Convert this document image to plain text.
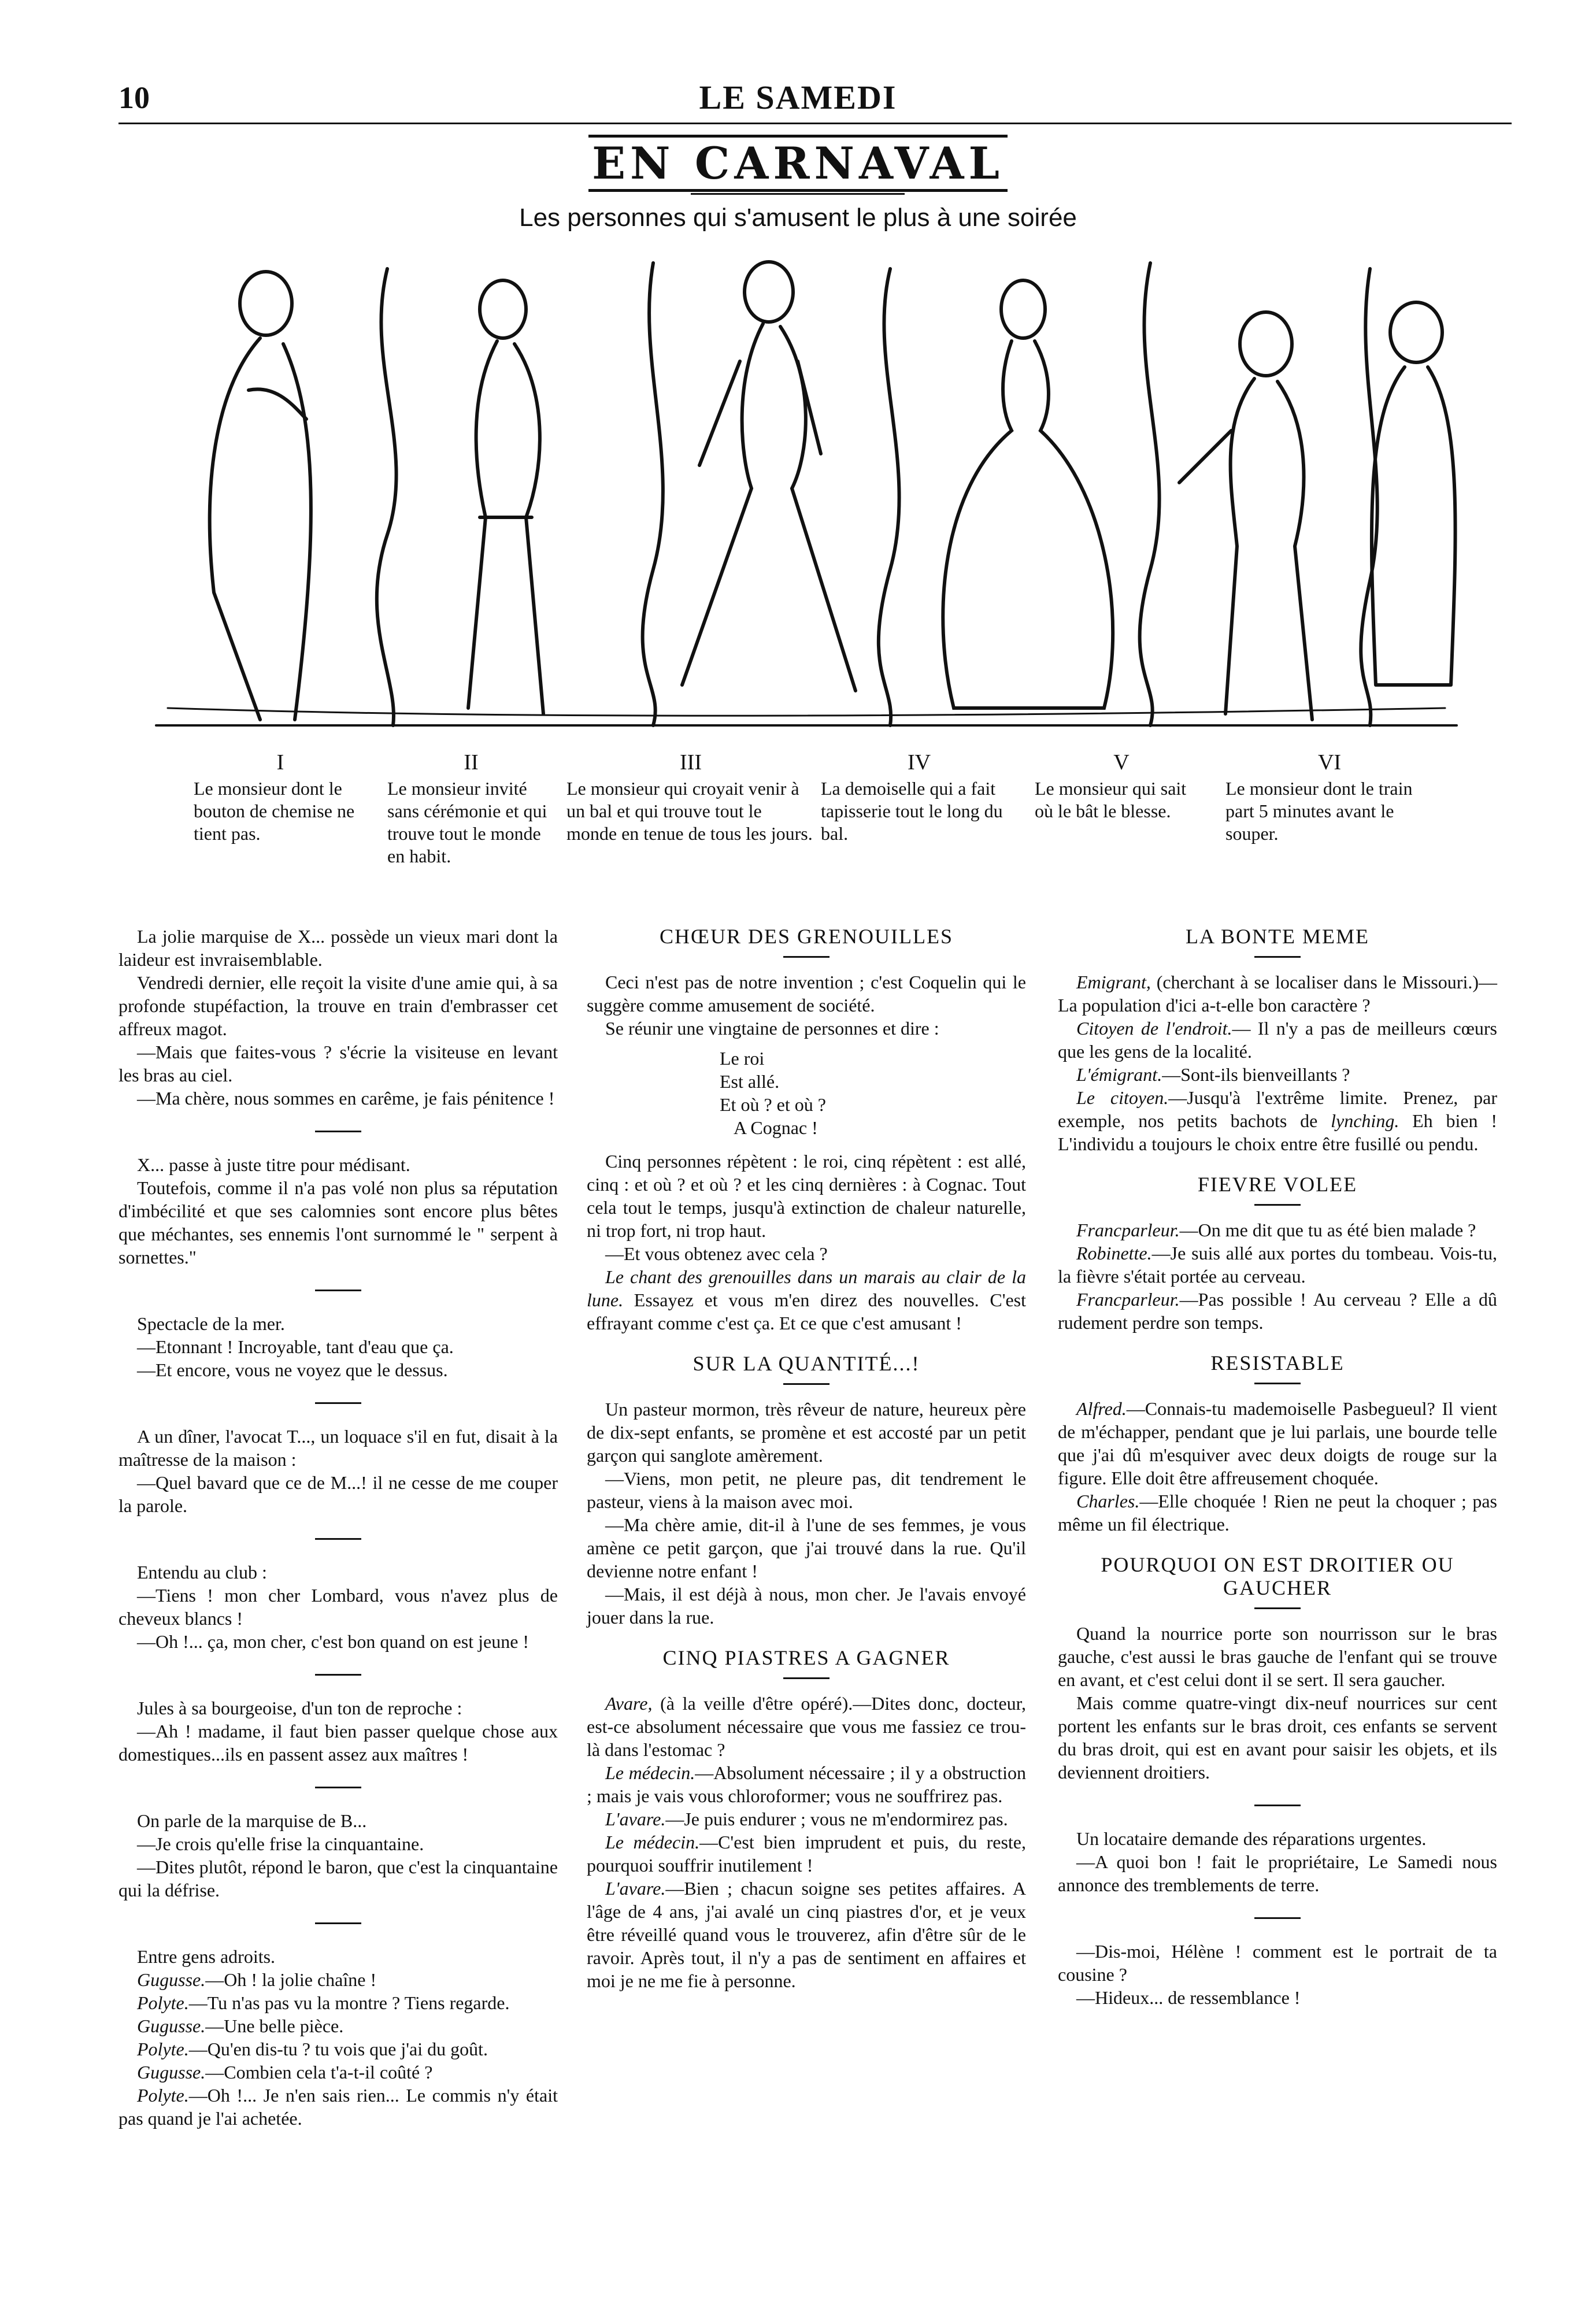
10	LE SAMEDI
EN CARNAVAL
Les personnes qui s'amusent le plus à une soirée
I
Le monsieur dont le bouton de chemise ne tient pas.
II
Le monsieur invité sans cérémonie et qui trouve tout le monde en habit.
III
Le monsieur qui croyait venir à un bal et qui trouve tout le monde en tenue de tous les jours.
IV
La demoiselle qui a fait tapisserie tout le long du bal.
V
Le monsieur qui sait où le bât le blesse.
VI
Le monsieur dont le train part 5 minutes avant le souper.

La jolie marquise de X... possède un vieux mari dont la laideur est invraisemblable.

Vendredi dernier, elle reçoit la visite d'une amie qui, à sa profonde stupéfaction, la trouve en train d'embrasser cet affreux magot.

—Mais que faites-vous ? s'écrie la visiteuse en levant les bras au ciel.

—Ma chère, nous sommes en carême, je fais pénitence !

X... passe à juste titre pour médisant.

Toutefois, comme il n'a pas volé non plus sa réputation d'imbécilité et que ses calomnies sont encore plus bêtes que méchantes, ses ennemis l'ont surnommé le " serpent à sornettes."

Spectacle de la mer.

—Etonnant ! Incroyable, tant d'eau que ça.

—Et encore, vous ne voyez que le dessus.

A un dîner, l'avocat T..., un loquace s'il en fut, disait à la maîtresse de la maison :

—Quel bavard que ce de M...! il ne cesse de me couper la parole.

Entendu au club :

—Tiens ! mon cher Lombard, vous n'avez plus de cheveux blancs !

—Oh !... ça, mon cher, c'est bon quand on est jeune !

Jules à sa bourgeoise, d'un ton de reproche :

—Ah ! madame, il faut bien passer quelque chose aux domestiques...ils en passent assez aux maîtres !

On parle de la marquise de B...

—Je crois qu'elle frise la cinquantaine.

—Dites plutôt, répond le baron, que c'est la cinquantaine qui la défrise.

Entre gens adroits.

Gugusse.—Oh ! la jolie chaîne !

Polyte.—Tu n'as pas vu la montre ? Tiens regarde.

Gugusse.—Une belle pièce.

Polyte.—Qu'en dis-tu ? tu vois que j'ai du goût.

Gugusse.—Combien cela t'a-t-il coûté ?

Polyte.—Oh !... Je n'en sais rien... Le commis n'y était pas quand je l'ai achetée.

CHŒUR DES GRENOUILLES

Ceci n'est pas de notre invention ; c'est Coquelin qui le suggère comme amusement de société.

Se réunir une vingtaine de personnes et dire :

Le roi
Est allé.
Et où ? et où ?
A Cognac !

Cinq personnes répètent : le roi, cinq répètent : est allé, cinq : et où ? et où ? et les cinq dernières : à Cognac. Tout cela tout le temps, jusqu'à extinction de chaleur naturelle, ni trop fort, ni trop haut.

—Et vous obtenez avec cela ?

Le chant des grenouilles dans un marais au clair de la lune. Essayez et vous m'en direz des nouvelles. C'est effrayant comme c'est ça. Et ce que c'est amusant !

SUR LA QUANTITÉ...!

Un pasteur mormon, très rêveur de nature, heureux père de dix-sept enfants, se promène et est accosté par un petit garçon qui sanglote amèrement.

—Viens, mon petit, ne pleure pas, dit tendrement le pasteur, viens à la maison avec moi.

—Ma chère amie, dit-il à l'une de ses femmes, je vous amène ce petit garçon, que j'ai trouvé dans la rue. Qu'il devienne notre enfant !

—Mais, il est déjà à nous, mon cher. Je l'avais envoyé jouer dans la rue.

CINQ PIASTRES A GAGNER

Avare, (à la veille d'être opéré).—Dites donc, docteur, est-ce absolument nécessaire que vous me fassiez ce trou-là dans l'estomac ?

Le médecin.—Absolument nécessaire ; il y a obstruction ; mais je vais vous chloroformer; vous ne souffrirez pas.

L'avare.—Je puis endurer ; vous ne m'endormirez pas.

Le médecin.—C'est bien imprudent et puis, du reste, pourquoi souffrir inutilement !

L'avare.—Bien ; chacun soigne ses petites affaires. A l'âge de 4 ans, j'ai avalé un cinq piastres d'or, et je veux être réveillé quand vous le trouverez, afin d'être sûr de le ravoir. Après tout, il n'y a pas de sentiment en affaires et moi je ne me fie à personne.

LA BONTE MEME

Emigrant, (cherchant à se localiser dans le Missouri.)—La population d'ici a-t-elle bon caractère ?

Citoyen de l'endroit.— Il n'y a pas de meilleurs cœurs que les gens de la localité.

L'émigrant.—Sont-ils bienveillants ?

Le citoyen.—Jusqu'à l'extrême limite. Prenez, par exemple, nos petits bachots de lynching. Eh bien ! L'individu a toujours le choix entre être fusillé ou pendu.

FIEVRE VOLEE

Francparleur.—On me dit que tu as été bien malade ?

Robinette.—Je suis allé aux portes du tombeau. Vois-tu, la fièvre s'était portée au cerveau.

Francparleur.—Pas possible ! Au cerveau ? Elle a dû rudement perdre son temps.

RESISTABLE

Alfred.—Connais-tu mademoiselle Pasbegueul? Il vient de m'échapper, pendant que je lui parlais, une bourde telle que j'ai dû m'esquiver avec deux doigts de rouge sur la figure. Elle doit être affreusement choquée.

Charles.—Elle choquée ! Rien ne peut la choquer ; pas même un fil électrique.

POURQUOI ON EST DROITIER OU GAUCHER

Quand la nourrice porte son nourrisson sur le bras gauche, c'est aussi le bras gauche de l'enfant qui se trouve en avant, et c'est celui dont il se sert. Il sera gaucher.

Mais comme quatre-vingt dix-neuf nourrices sur cent portent les enfants sur le bras droit, ces enfants se servent du bras droit, qui est en avant pour saisir les objets, et ils deviennent droitiers.

Un locataire demande des réparations urgentes.

—A quoi bon ! fait le propriétaire, Le Samedi nous annonce des tremblements de terre.

—Dis-moi, Hélène ! comment est le portrait de ta cousine ?

—Hideux... de ressemblance !
